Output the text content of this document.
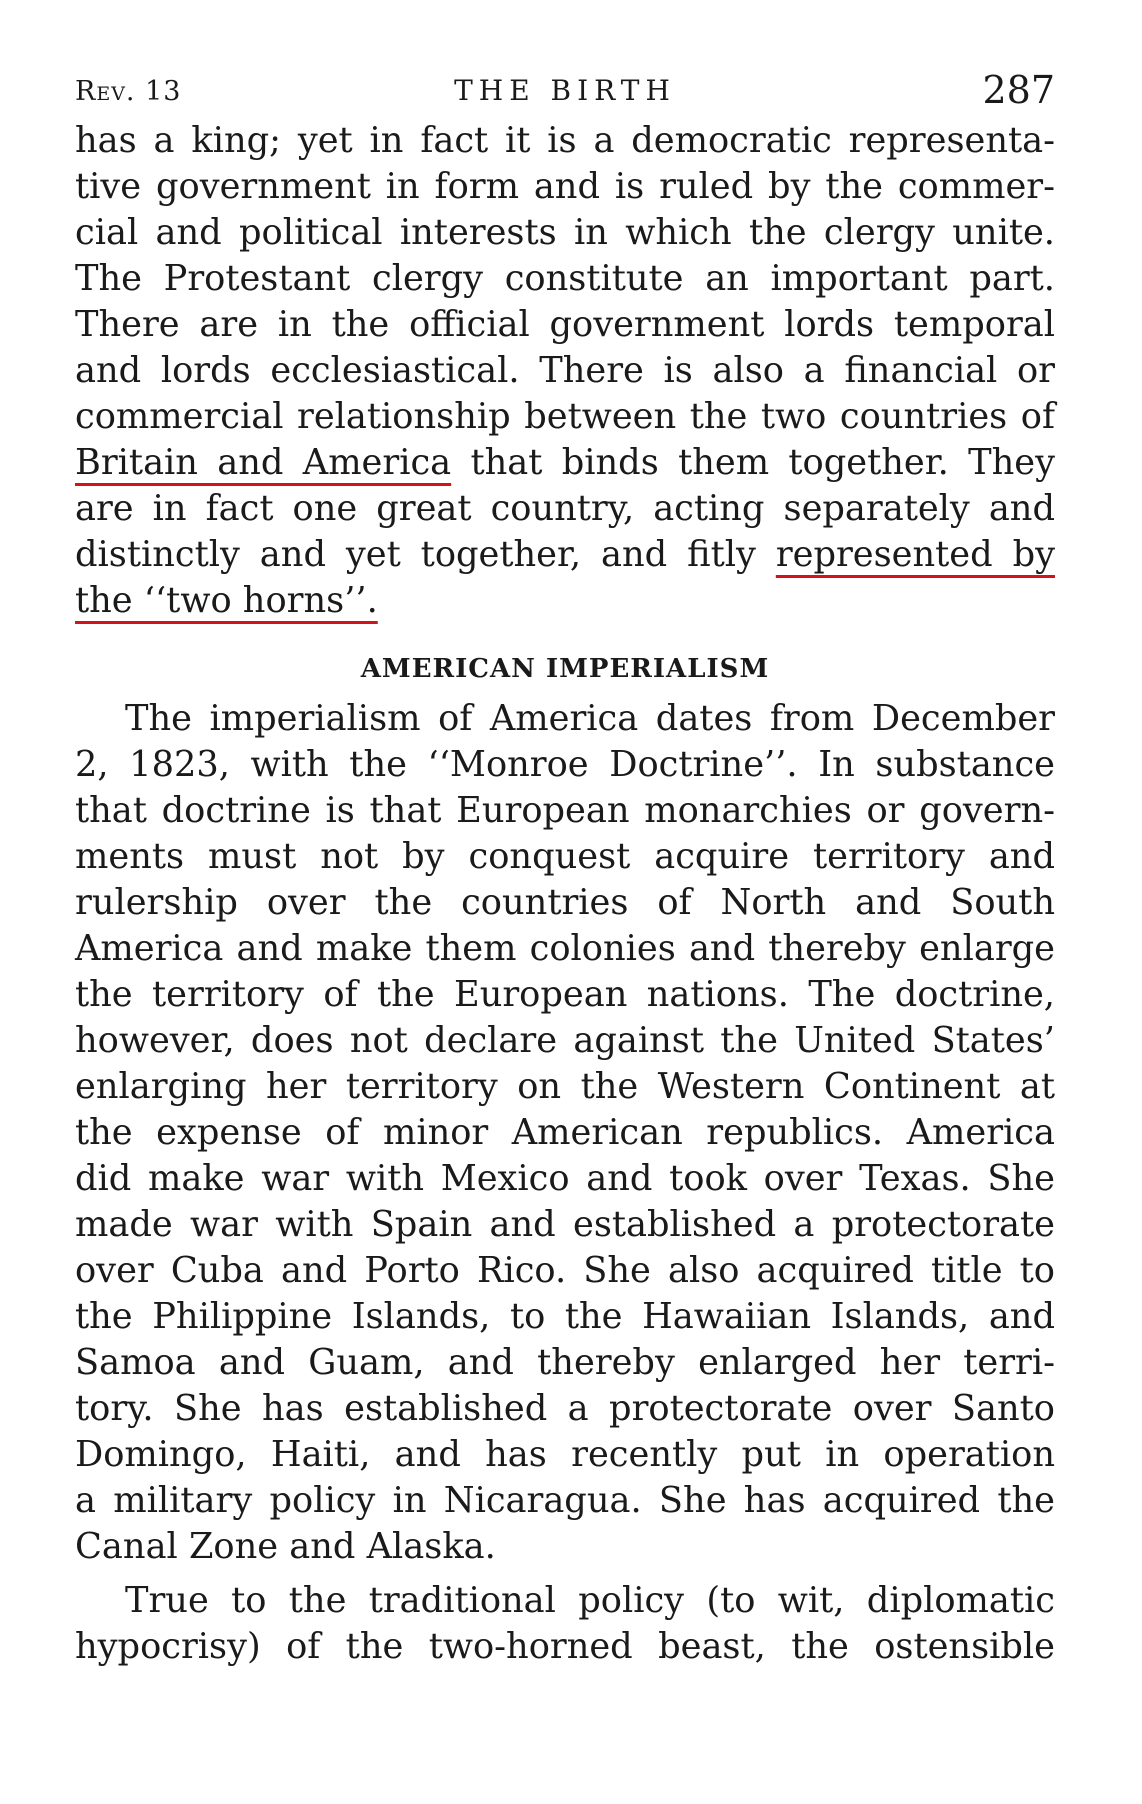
Rev. 13	THE BIRTH	287

has a king; yet in fact it is a democratic representa-
tive government in form and is ruled by the commer-
cial and political interests in which the clergy unite.
The Protestant clergy constitute an important part.
There are in the official government lords temporal
and lords ecclesiastical. There is also a financial or
commercial relationship between the two countries of
Britain and America that binds them together. They
are in fact one great country, acting separately and
distinctly and yet together, and fitly represented by
the ‘‘two horns’’.

AMERICAN IMPERIALISM

The imperialism of America dates from December
2, 1823, with the ‘‘Monroe Doctrine’’. In substance
that doctrine is that European monarchies or govern-
ments must not by conquest acquire territory and
rulership over the countries of North and South
America and make them colonies and thereby enlarge
the territory of the European nations. The doctrine,
however, does not declare against the United States’
enlarging her territory on the Western Continent at
the expense of minor American republics. America
did make war with Mexico and took over Texas. She
made war with Spain and established a protectorate
over Cuba and Porto Rico. She also acquired title to
the Philippine Islands, to the Hawaiian Islands, and
Samoa and Guam, and thereby enlarged her terri-
tory. She has established a protectorate over Santo
Domingo, Haiti, and has recently put in operation
a military policy in Nicaragua. She has acquired the
Canal Zone and Alaska.

True to the traditional policy (to wit, diplomatic
hypocrisy) of the two-horned beast, the ostensible
